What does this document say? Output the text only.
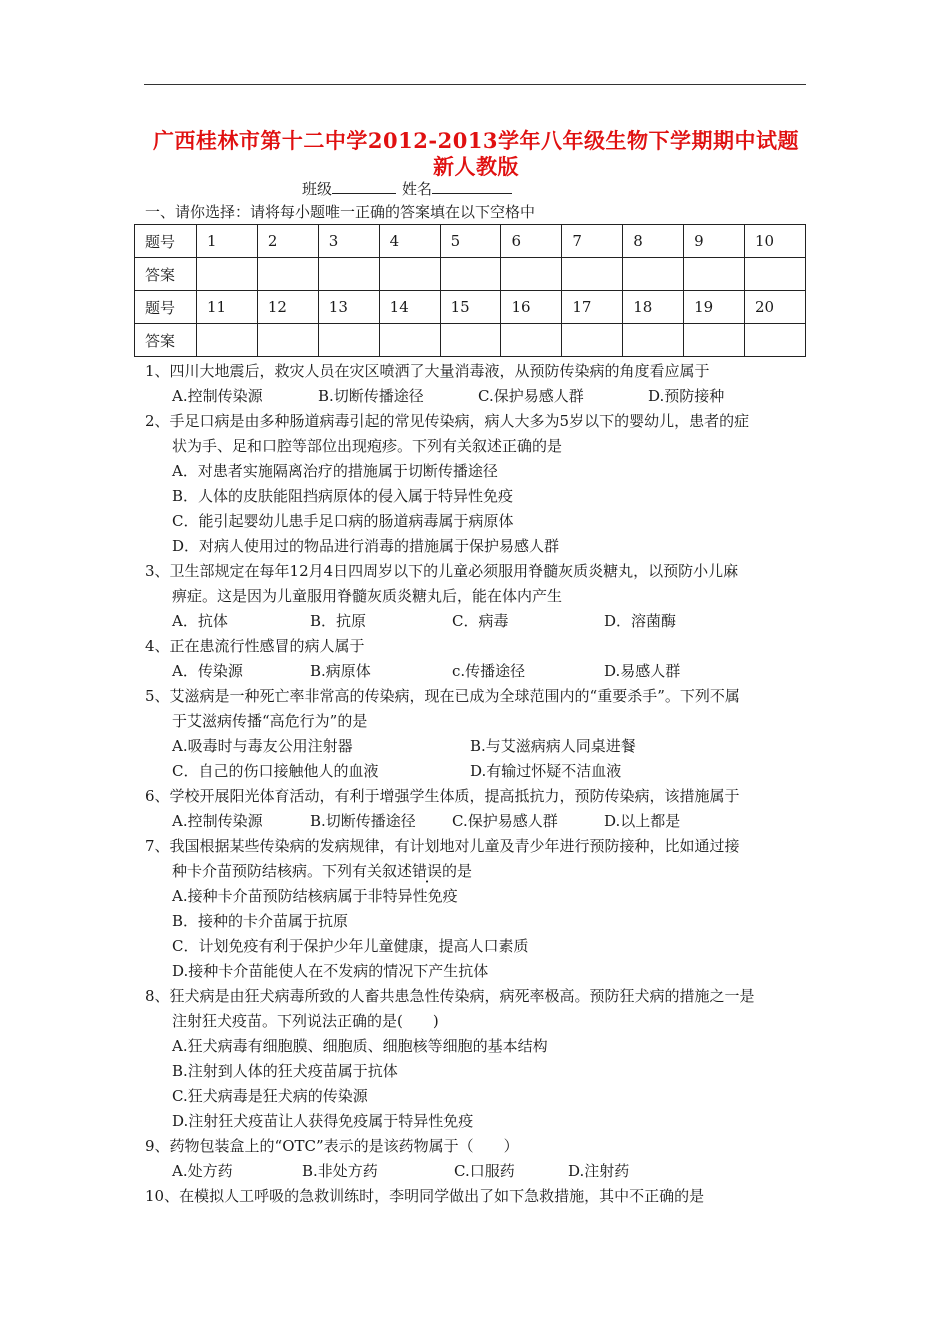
广西桂林市第十二中学2012-2013学年八年级生物下学期期中试题
新人教版
班级	姓名
一、请你选择：请将每小题唯一正确的答案填在以下空格中
题号	1	2	3	4	5	6	7	8	9	10
答案										
题号	11	12	13	14	15	16	17	18	19	20
答案										
1、四川大地震后，救灾人员在灾区喷洒了大量消毒液，从预防传染病的角度看应属于
A.控制传染源	B.切断传播途径	C.保护易感人群	D.预防接种
2、手足口病是由多种肠道病毒引起的常见传染病，病人大多为5岁以下的婴幼儿，患者的症
状为手、足和口腔等部位出现疱疹。下列有关叙述正确的是
A．对患者实施隔离治疗的措施属于切断传播途径
B．人体的皮肤能阻挡病原体的侵入属于特异性免疫
C．能引起婴幼儿患手足口病的肠道病毒属于病原体
D．对病人使用过的物品进行消毒的措施属于保护易感人群
3、卫生部规定在每年12月4日四周岁以下的儿童必须服用脊髓灰质炎糖丸，以预防小儿麻
痹症。这是因为儿童服用脊髓灰质炎糖丸后，能在体内产生
A．抗体	B．抗原	C．病毒	D．溶菌酶
4、正在患流行性感冒的病人属于
A．传染源	B.病原体	c.传播途径	D.易感人群
5、艾滋病是一种死亡率非常高的传染病，现在已成为全球范围内的“重要杀手”。下列不属
于艾滋病传播“高危行为”的是
A.吸毒时与毒友公用注射器	B.与艾滋病病人同桌进餐
C．自己的伤口接触他人的血液	D.有输过怀疑不洁血液
6、学校开展阳光体育活动，有利于增强学生体质，提高抵抗力，预防传染病，该措施属于
A.控制传染源	B.切断传播途径 C.保护易感人群	D.以上都是
7、我国根据某些传染病的发病规律，有计划地对儿童及青少年进行预防接种，比如通过接
种卡介苗预防结核病。下列有关叙述错误的是
A.接种卡介苗预防结核病属于非特异性免疫
B．接种的卡介苗属于抗原
C．计划免疫有利于保护少年儿童健康，提高人口素质
D.接种卡介苗能使人在不发病的情况下产生抗体
8、狂犬病是由狂犬病毒所致的人畜共患急性传染病，病死率极高。预防狂犬病的措施之一是
注射狂犬疫苗。下列说法正确的是(　　)
A.狂犬病毒有细胞膜、细胞质、细胞核等细胞的基本结构
B.注射到人体的狂犬疫苗属于抗体
C.狂犬病毒是狂犬病的传染源
D.注射狂犬疫苗让人获得免疫属于特异性免疫
9、药物包装盒上的“OTC”表示的是该药物属于（　　）
A.处方药	B.非处方药	C.口服药	D.注射药
10、在模拟人工呼吸的急救训练时，李明同学做出了如下急救措施，其中不正确的是
